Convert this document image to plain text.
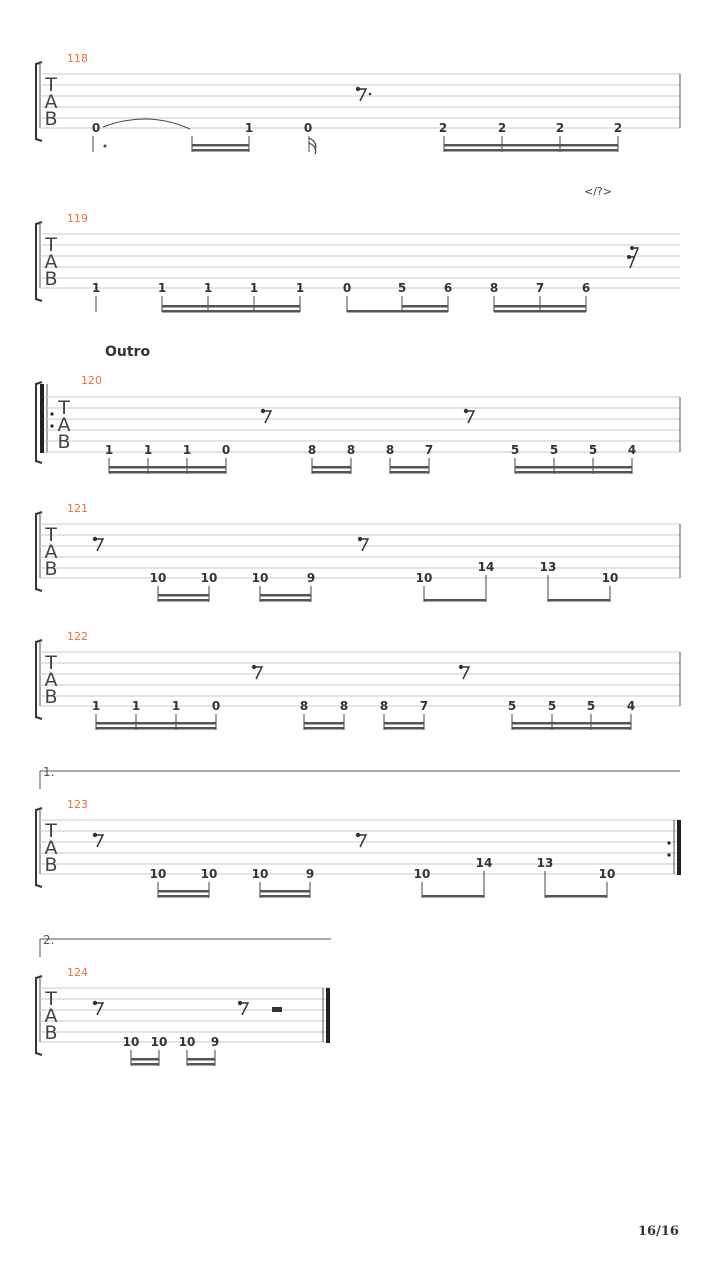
T
A
B
118
0	1	0	2	2	2	2
</?>
T
A
B
119
1	1	1	1	1	0	5	6	8	7	6
Outro
T
A
B
120
1	1	1	0	8	8	8	7	5	5	5	4
T
A
B
121
10	10	10	9	10
14	13
10
T
A
B
122
1	1	1	0	8	8	8	7	5	5	5	4
1.
T
A
B
123
10	10	10	9	10
14	13
10
2.
T
A
B
124
10 10 10 9
16/16
